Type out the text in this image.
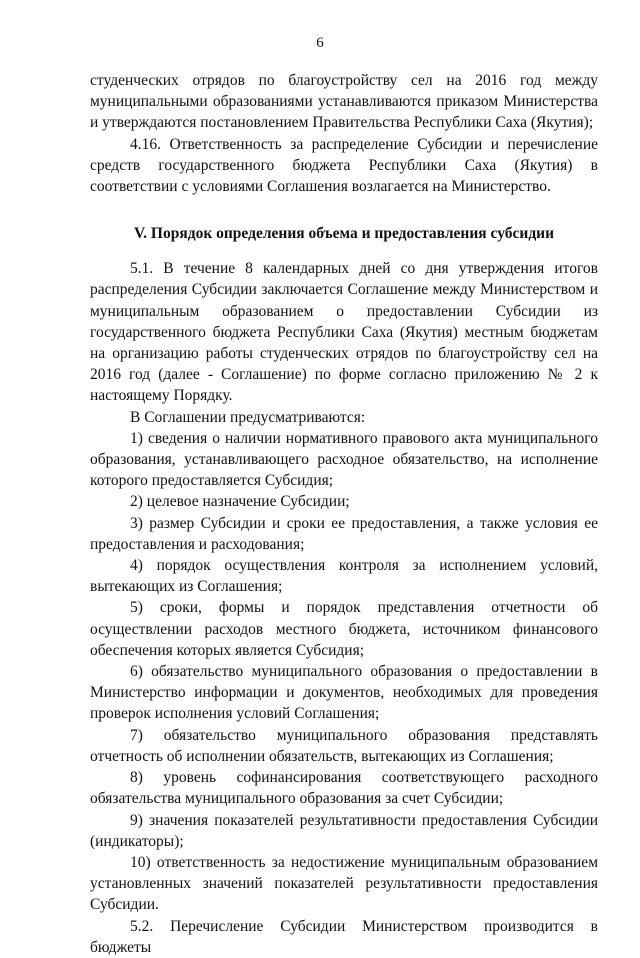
6

студенческих отрядов по благоустройству сел на 2016 год между муниципальными образованиями устанавливаются приказом Министерства и утверждаются постановлением Правительства Республики Саха (Якутия);

4.16. Ответственность за распределение Субсидии и перечисление средств государственного бюджета Республики Саха (Якутия) в соответствии с условиями Соглашения возлагается на Министерство.

V. Порядок определения объема и предоставления субсидии

5.1. В течение 8 календарных дней со дня утверждения итогов распределения Субсидии заключается Соглашение между Министерством и муниципальным образованием о предоставлении Субсидии из государственного бюджета Республики Саха (Якутия) местным бюджетам на организацию работы студенческих отрядов по благоустройству сел на 2016 год (далее - Соглашение) по форме согласно приложению № 2 к настоящему Порядку.

В Соглашении предусматриваются:

1) сведения о наличии нормативного правового акта муниципального образования, устанавливающего расходное обязательство, на исполнение которого предоставляется Субсидия;

2) целевое назначение Субсидии;

3) размер Субсидии и сроки ее предоставления, а также условия ее предоставления и расходования;

4) порядок осуществления контроля за исполнением условий, вытекающих из Соглашения;

5) сроки, формы и порядок представления отчетности об осуществлении расходов местного бюджета, источником финансового обеспечения которых является Субсидия;

6) обязательство муниципального образования о предоставлении в Министерство информации и документов, необходимых для проведения проверок исполнения условий Соглашения;

7) обязательство муниципального образования представлять отчетность об исполнении обязательств, вытекающих из Соглашения;

8) уровень софинансирования соответствующего расходного обязательства муниципального образования за счет Субсидии;

9) значения показателей результативности предоставления Субсидии (индикаторы);

10) ответственность за недостижение муниципальным образованием установленных значений показателей результативности предоставления Субсидии.

5.2. Перечисление Субсидии Министерством производится в бюджеты
